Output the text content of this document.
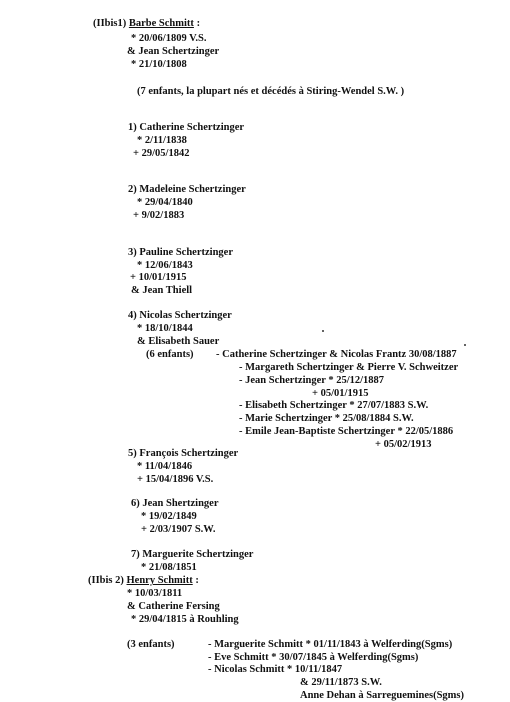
(IIbis1) Barbe Schmitt :
* 20/06/1809 V.S.
& Jean Schertzinger
* 21/10/1808
(7 enfants, la plupart nés et décédés à Stiring-Wendel S.W. )
1) Catherine Schertzinger
* 2/11/1838
+ 29/05/1842
2) Madeleine Schertzinger
* 29/04/1840
+ 9/02/1883
3) Pauline Schertzinger
* 12/06/1843
+ 10/01/1915
& Jean Thiell
4) Nicolas Schertzinger
* 18/10/1844
& Elisabeth Sauer
(6 enfants) - Catherine Schertzinger & Nicolas Frantz 30/08/1887
- Margareth Schertzinger & Pierre V. Schweitzer
- Jean Schertzinger * 25/12/1887
+ 05/01/1915
- Elisabeth Schertzinger * 27/07/1883 S.W.
- Marie Schertzinger * 25/08/1884 S.W.
- Emile Jean-Baptiste Schertzinger * 22/05/1886
+ 05/02/1913
5) François Schertzinger
* 11/04/1846
+ 15/04/1896 V.S.
6) Jean Shertzinger
* 19/02/1849
+ 2/03/1907 S.W.
7) Marguerite Schertzinger
* 21/08/1851
(IIbis 2) Henry Schmitt :
* 10/03/1811
& Catherine Fersing
* 29/04/1815 à Rouhling
(3 enfants)	- Marguerite Schmitt * 01/11/1843 à Welferding(Sgms)
- Eve Schmitt * 30/07/1845 à Welferding(Sgms)
- Nicolas Schmitt * 10/11/1847
& 29/11/1873 S.W.
Anne Dehan à Sarreguemines(Sgms)
